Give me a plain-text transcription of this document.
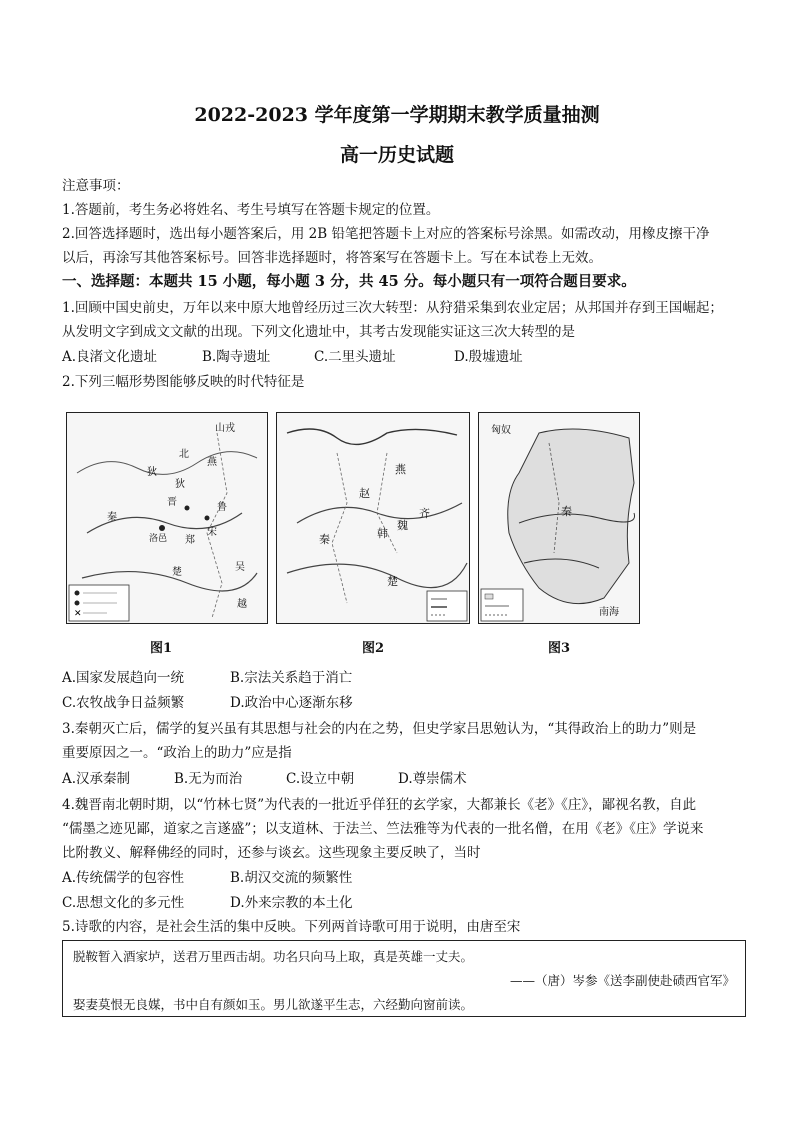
2022-2023 学年度第一学期期末教学质量抽测
高一历史试题
注意事项：
1.答题前，考生务必将姓名、考生号填写在答题卡规定的位置。
2.回答选择题时，选出每小题答案后，用 2B 铅笔把答题卡上对应的答案标号涂黑。如需改动，用橡皮擦干净
以后，再涂写其他答案标号。回答非选择题时，将答案写在答题卡上。写在本试卷上无效。
一、选择题：本题共 15 小题，每小题 3 分，共 45 分。每小题只有一项符合题目要求。
1.回顾中国史前史，万年以来中原大地曾经历过三次大转型：从狩猎采集到农业定居；从邦国并存到王国崛起；
从发明文字到成文文献的出现。下列文化遗址中，其考古发现能实证这三次大转型的是
A.良渚文化遗址	B.陶寺遗址	C.二里头遗址	D.殷墟遗址
2.下列三幅形势图能够反映的时代特征是
✕
山戎
北
燕
狄
狄
秦
晋	鲁
宋
洛邑 郑
楚	吴
越
燕
赵
齐
韩
魏
秦
楚
匈奴
秦
南海
图1	图2	图3
A.国家发展趋向一统	B.宗法关系趋于消亡
C.农牧战争日益频繁	D.政治中心逐渐东移
3.秦朝灭亡后，儒学的复兴虽有其思想与社会的内在之势，但史学家吕思勉认为，“其得政治上的助力”则是
重要原因之一。“政治上的助力”应是指
A.汉承秦制	B.无为而治	C.设立中朝	D.尊崇儒术
4.魏晋南北朝时期，以“竹林七贤”为代表的一批近乎佯狂的玄学家，大都兼长《老》《庄》，鄙视名教，自此
“儒墨之迹见鄙，道家之言遂盛”；以支道林、于法兰、竺法雅等为代表的一批名僧，在用《老》《庄》学说来
比附教义、解释佛经的同时，还参与谈玄。这些现象主要反映了，当时
A.传统儒学的包容性	B.胡汉交流的频繁性
C.思想文化的多元性	D.外来宗教的本土化
5.诗歌的内容，是社会生活的集中反映。下列两首诗歌可用于说明，由唐至宋
脱鞍暂入酒家垆，送君万里西击胡。功名只向马上取，真是英雄一丈夫。
——（唐）岑参《送李副使赴碛西官军》
娶妻莫恨无良媒，书中自有颜如玉。男儿欲遂平生志，六经勤向窗前读。
